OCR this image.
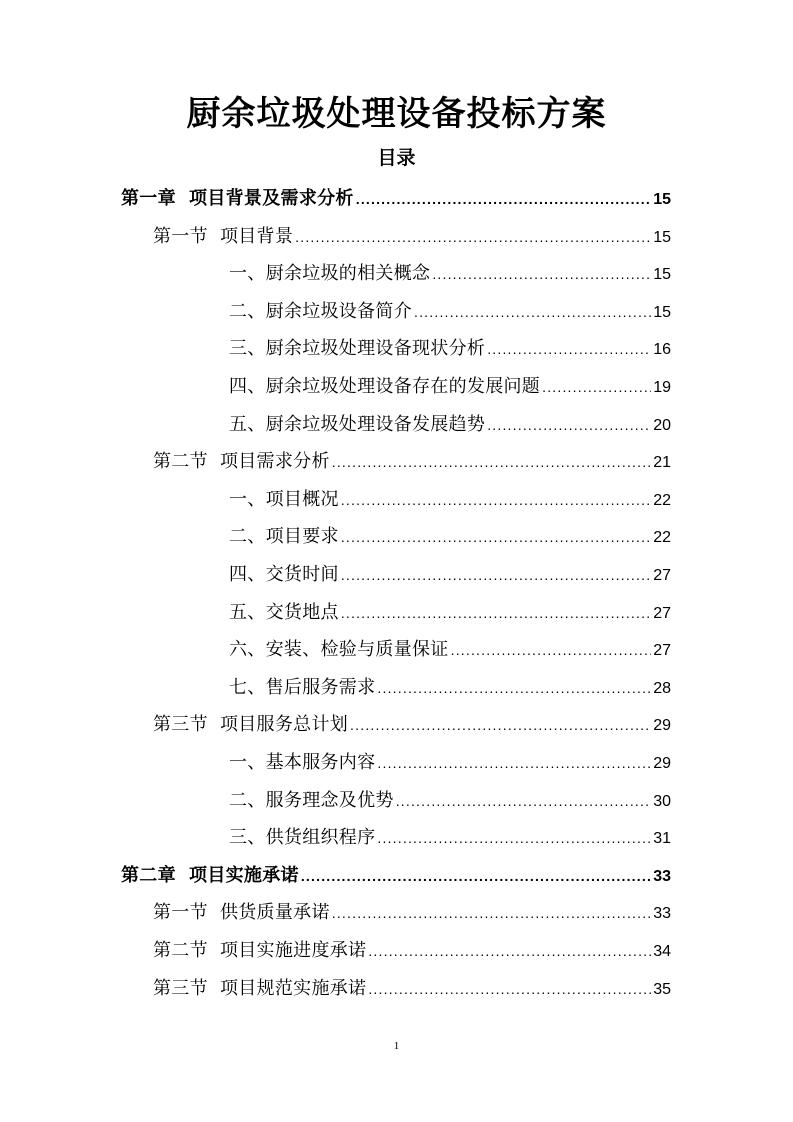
厨余垃圾处理设备投标方案
目录
第一章  项目背景及需求分析 .....	15
第一节  项目背景 .....	15
一、厨余垃圾的相关概念 .....	15
二、厨余垃圾设备简介 .....	15
三、厨余垃圾处理设备现状分析 .....	16
四、厨余垃圾处理设备存在的发展问题 .....	19
五、厨余垃圾处理设备发展趋势 .....	20
第二节  项目需求分析 .....	21
一、项目概况 .....	22
二、项目要求 .....	22
四、交货时间 .....	27
五、交货地点 .....	27
六、安装、检验与质量保证 .....	27
七、售后服务需求 .....	28
第三节  项目服务总计划 .....	29
一、基本服务内容 .....	29
二、服务理念及优势 .....	30
三、供货组织程序 .....	31
第二章  项目实施承诺 .....	33
第一节  供货质量承诺 .....	33
第二节  项目实施进度承诺 .....	34
第三节  项目规范实施承诺 .....	35
1
